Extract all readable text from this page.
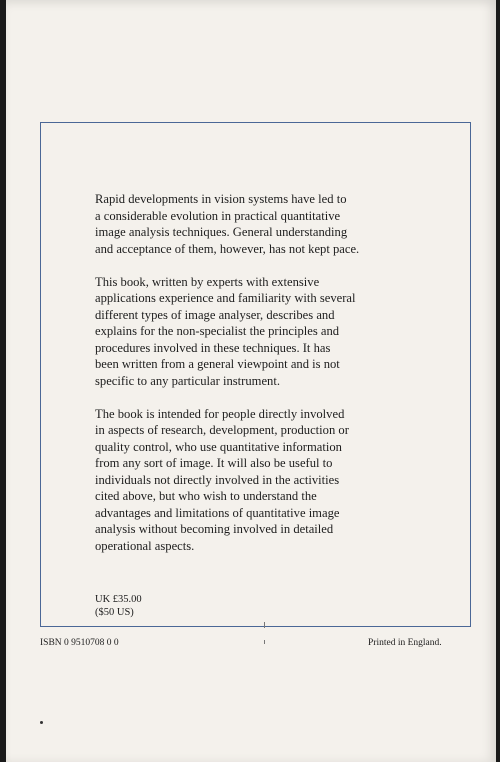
Rapid developments in vision systems have led to
a considerable evolution in practical quantitative
image analysis techniques. General understanding
and acceptance of them, however, has not kept pace.

This book, written by experts with extensive
applications experience and familiarity with several
different types of image analyser, describes and
explains for the non-specialist the principles and
procedures involved in these techniques. It has
been written from a general viewpoint and is not
specific to any particular instrument.

The book is intended for people directly involved
in aspects of research, development, production or
quality control, who use quantitative information
from any sort of image. It will also be useful to
individuals not directly involved in the activities
cited above, but who wish to understand the
advantages and limitations of quantitative image
analysis without becoming involved in detailed
operational aspects.

UK £35.00
($50 US)
ISBN 0 9510708 0 0	Printed in England.
